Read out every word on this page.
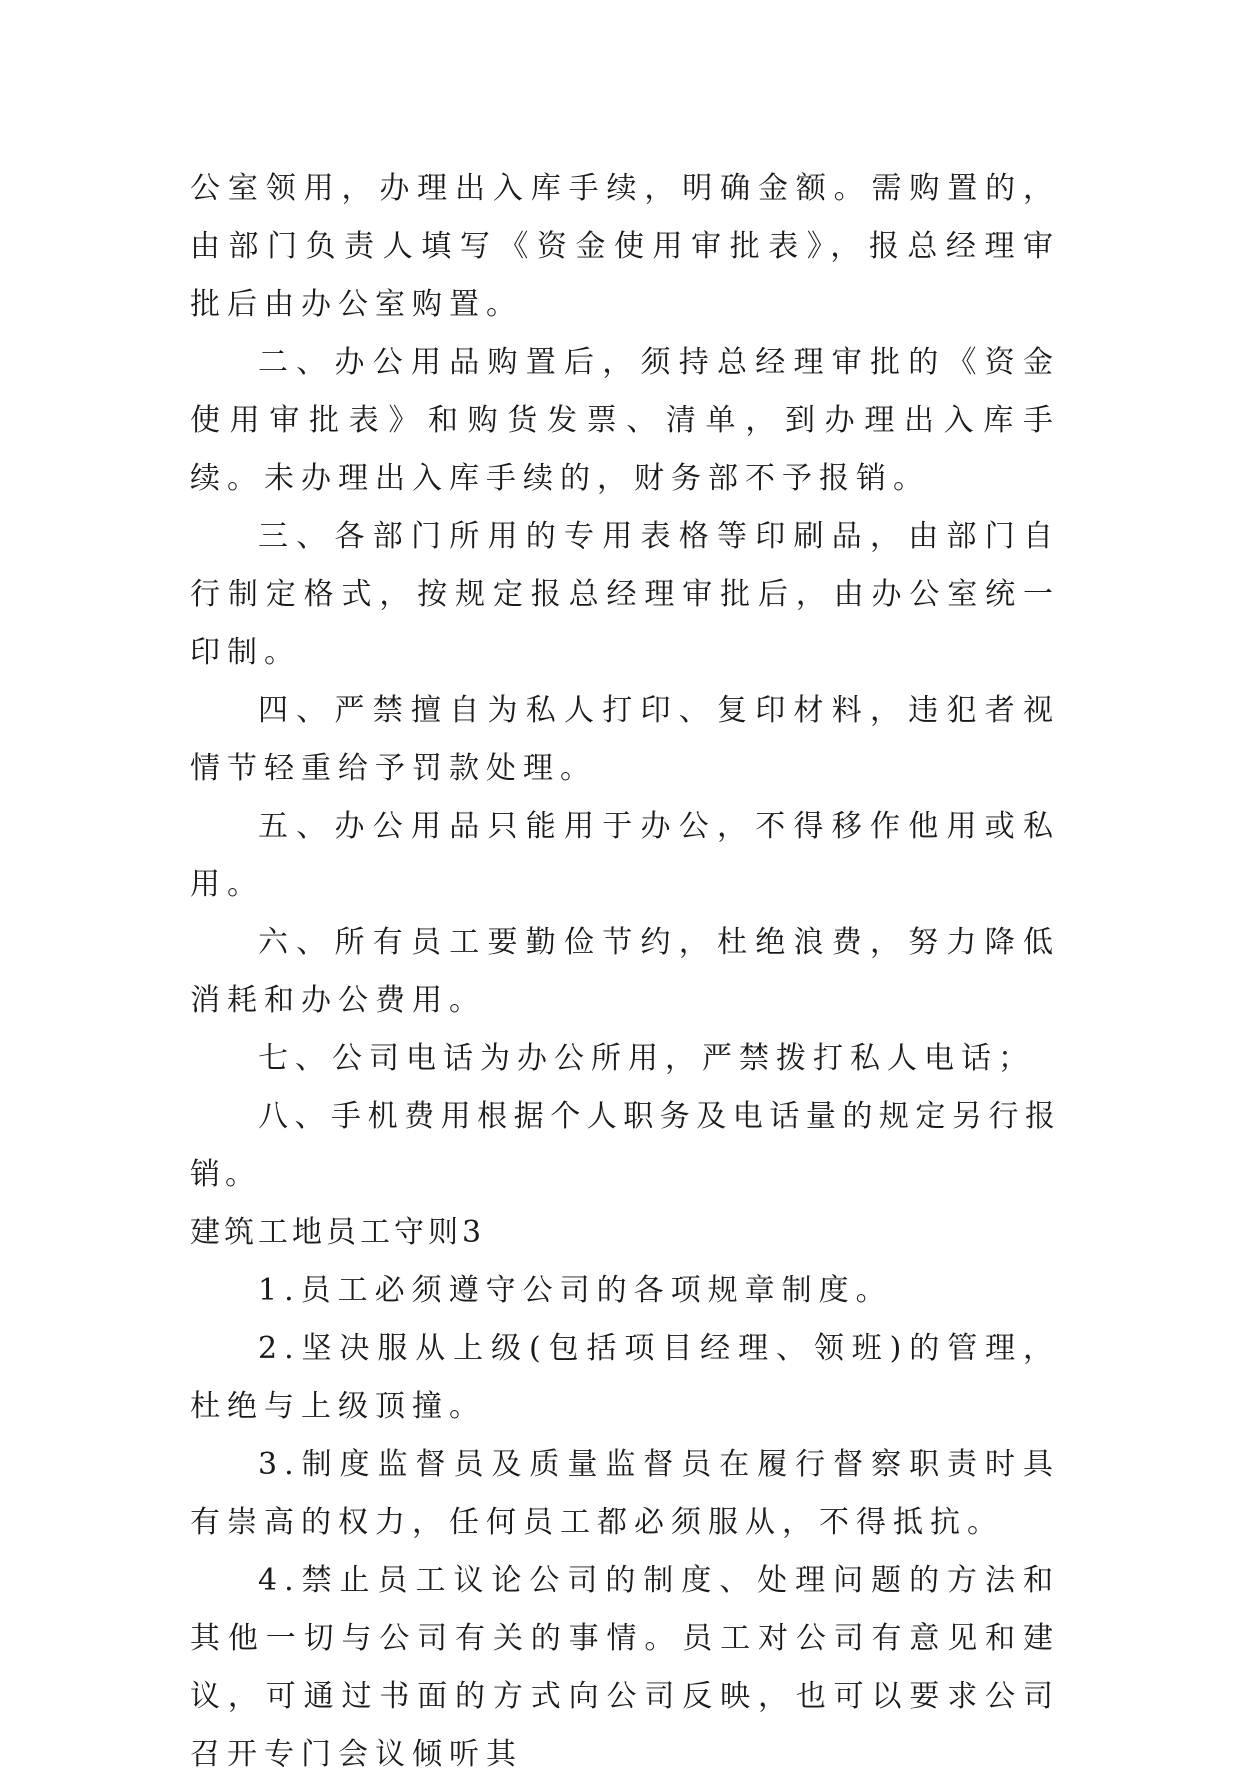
公室领用，办理出入库手续，明确金额。需购置的，由部门负责人填写《资金使用审批表》，报总经理审批后由办公室购置。

二、办公用品购置后，须持总经理审批的《资金使用审批表》和购货发票、清单，到办理出入库手续。未办理出入库手续的，财务部不予报销。

三、各部门所用的专用表格等印刷品，由部门自行制定格式，按规定报总经理审批后，由办公室统一印制。

四、严禁擅自为私人打印、复印材料，违犯者视情节轻重给予罚款处理。

五、办公用品只能用于办公，不得移作他用或私用。

六、所有员工要勤俭节约，杜绝浪费，努力降低消耗和办公费用。

七、公司电话为办公所用，严禁拨打私人电话；

八、手机费用根据个人职务及电话量的规定另行报销。

建筑工地员工守则3

1.员工必须遵守公司的各项规章制度。

2.坚决服从上级(包括项目经理、领班)的管理，杜绝与上级顶撞。

3.制度监督员及质量监督员在履行督察职责时具有崇高的权力，任何员工都必须服从，不得抵抗。

4.禁止员工议论公司的制度、处理问题的方法和其他一切与公司有关的事情。员工对公司有意见和建议，可通过书面的方式向公司反映，也可以要求公司召开专门会议倾听其
